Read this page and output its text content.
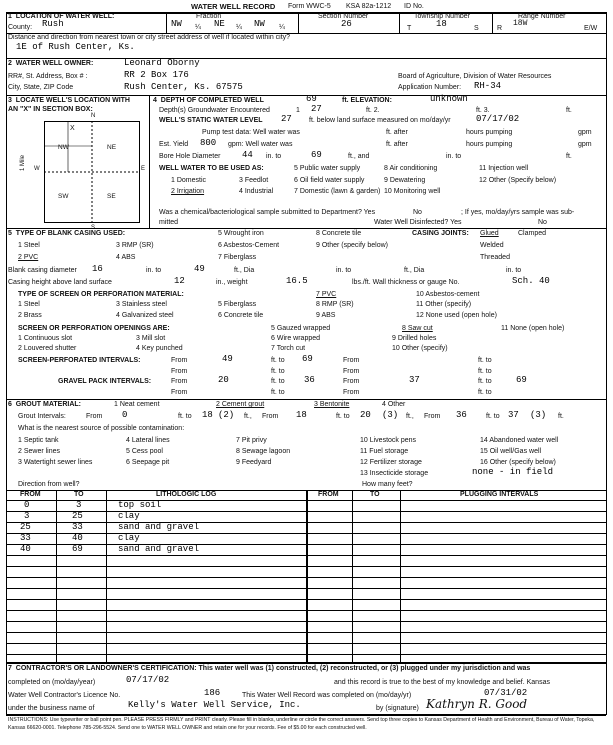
WATER WELL RECORD Form WWC-5 KSA 82a-1212 ID No.
1 LOCATION OF WATER WELL:
County: Rush
Fraction
NW ¼ NE ¼ NW ¼
Section Number
26
Township Number
T	18	S
Range Number
R
18W
E/W
Distance and direction from nearest town or city street address of well if located within city?
1E of Rush Center, Ks.
2 WATER WELL OWNER:	Leonard Oborny
RR#, St. Address, Box # :	RR 2 Box 176
City, State, ZIP Code	Rush Center, Ks. 67575
Board of Agriculture, Division of Water Resources
Application Number: RH-34
3 LOCATE WELL'S LOCATION WITH
AN "X" IN SECTION BOX:
N
S
W	E
1 Mile
X
NW	NE
SW	SE
4 DEPTH OF COMPLETED WELL	69	ft. ELEVATION:	unknown
Depth(s) Groundwater Encountered	1 27	ft. 2.	ft. 3.	ft.
WELL'S STATIC WATER LEVEL 27 ft. below land surface measured on mo/day/yr	07/17/02
Pump test data: Well water was	ft. after	hours pumping	gpm
Est. Yield 800 gpm: Well water was	ft. after	hours pumping	gpm
Bore Hole Diameter 44 in. to	69	ft., and	in. to	ft.
WELL WATER TO BE USED AS:	5 Public water supply	8 Air conditioning	11 Injection well
1 Domestic	3 Feedlot	6 Oil field water supply	9 Dewatering	12 Other (Specify below)
2 Irrigation	4 Industrial	7 Domestic (lawn & garden) 10 Monitoring well
Was a chemical/bacteriological sample submitted to Department? Yes	No	; If yes, mo/day/yrs sample was sub-
mitted	Water Well Disinfected? Yes	No
5 TYPE OF BLANK CASING USED:	5 Wrought iron	8 Concrete tile	CASING JOINTS: Glued	Clamped
1 Steel	3 RMP (SR)	6 Asbestos-Cement	9 Other (specify below)	Welded
2 PVC	4 ABS	7 Fiberglass	Threaded
Blank casing diameter 16	in. to	49	ft., Dia	in. to	ft., Dia	in. to
Casing height above land surface	12	in., weight	16.5	lbs./ft. Wall thickness or gauge No.	Sch. 40
TYPE OF SCREEN OR PERFORATION MATERIAL:	7 PVC	10 Asbestos-cement
1 Steel	3 Stainless steel	5 Fiberglass	8 RMP (SR)	11 Other (specify)
2 Brass	4 Galvanized steel	6 Concrete tile	9 ABS	12 None used (open hole)
SCREEN OR PERFORATION OPENINGS ARE:	5 Gauzed wrapped	8 Saw cut	11 None (open hole)
1 Continuous slot	3 Mill slot	6 Wire wrapped	9 Drilled holes
2 Louvered shutter	4 Key punched	7 Torch cut	10 Other (specify)
SCREEN-PERFORATED INTERVALS:	From	49	ft. to 69	From	ft. to
From	ft. to	From	ft. to
GRAVEL PACK INTERVALS:	From	20	ft. to 36	From	37	ft. to	69
From	ft. to	From	ft. to
6 GROUT MATERIAL:	1 Neat cement	2 Cement grout	3 Bentonite	4 Other
Grout Intervals:	From 0	ft. to 18 (2) ft., From 18	ft. to 20 (3) ft., From 36	ft. to 37 (3) ft.
What is the nearest source of possible contamination:
1 Septic tank	4 Lateral lines	7 Pit privy	10 Livestock pens	14 Abandoned water well
2 Sewer lines	5 Cess pool	8 Sewage lagoon	11 Fuel storage	15 Oil well/Gas well
3 Watertight sewer lines	6 Seepage pit	9 Feedyard	12 Fertilizer storage	16 Other (specify below)
13 Insecticide storage	none - in field
Direction from well?	How many feet?
FROM	TO	LITHOLOGIC LOG	FROM	TO	PLUGGING INTERVALS
0	3	top soil
3	25	clay
25	33	sand and gravel
33	40	clay
40	69	sand and gravel
7 CONTRACTOR'S OR LANDOWNER'S CERTIFICATION: This water well was (1) constructed, (2) reconstructed, or (3) plugged under my jurisdiction and was
completed on (mo/day/year)	07/17/02	and this record is true to the best of my knowledge and belief. Kansas
Water Well Contractor's Licence No.	186	This Water Well Record was completed on (mo/day/yr)	07/31/02
under the business name of	Kelly's Water Well Service, Inc.	by (signature) Kathryn R. Good
INSTRUCTIONS: Use typewriter or ball point pen. PLEASE PRESS FIRMLY and PRINT clearly. Please fill in blanks, underline or circle the correct answers. Send top three copies to Kansas Department of Health and Environment, Bureau of Water, Topeka, Kansas 66620-0001. Telephone 785-296-5524. Send one to WATER WELL OWNER and retain one for your records. Fee of $5.00 for each constructed well.
